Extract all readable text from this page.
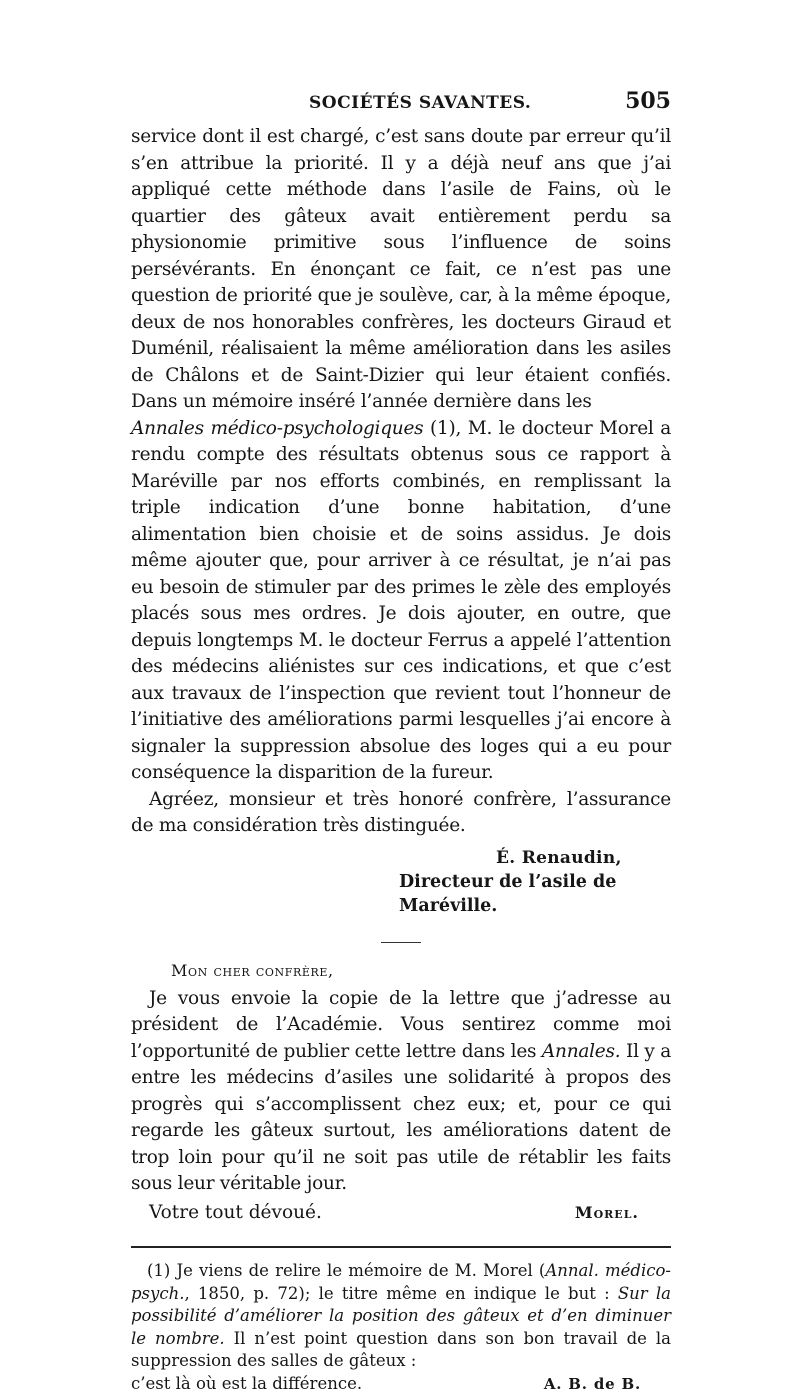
SOCIÉTÉS SAVANTES.	505

service dont il est chargé, c’est sans doute par erreur qu’il s’en attribue la priorité. Il y a déjà neuf ans que j’ai appliqué cette méthode dans l’asile de Fains, où le quartier des gâteux avait entièrement perdu sa physionomie primitive sous l’influence de soins persévérants. En énonçant ce fait, ce n’est pas une question de priorité que je soulève, car, à la même époque, deux de nos honorables confrères, les docteurs Giraud et Duménil, réalisaient la même amélioration dans les asiles de Châlons et de Saint-Dizier qui leur étaient confiés. Dans un mémoire inséré l’année dernière dans les
Annales médico-psychologiques (1), M. le docteur Morel a rendu compte des résultats obtenus sous ce rapport à Maréville par nos efforts combinés, en remplissant la triple indication d’une bonne habitation, d’une alimentation bien choisie et de soins assidus. Je dois même ajouter que, pour arriver à ce résultat, je n’ai pas eu besoin de stimuler par des primes le zèle des employés placés sous mes ordres. Je dois ajouter, en outre, que depuis longtemps M. le docteur Ferrus a appelé l’attention des médecins aliénistes sur ces indications, et que c’est aux travaux de l’inspection que revient tout l’honneur de l’initiative des améliorations parmi lesquelles j’ai encore à signaler la suppression absolue des loges qui a eu pour conséquence la disparition de la fureur.

Agréez, monsieur et très honoré confrère, l’assurance de ma considération très distinguée.

É. Renaudin,
Directeur de l’asile de Maréville.
Mon cher confrère,

Je vous envoie la copie de la lettre que j’adresse au président de l’Académie. Vous sentirez comme moi l’opportunité de publier cette lettre dans les Annales. Il y a entre les médecins d’asiles une solidarité à propos des progrès qui s’accomplissent chez eux; et, pour ce qui regarde les gâteux surtout, les améliorations datent de trop loin pour qu’il ne soit pas utile de rétablir les faits sous leur véritable jour.

Votre tout dévoué.	Morel.

(1) Je viens de relire le mémoire de M. Morel (Annal. médico-psych., 1850, p. 72); le titre même en indique le but : Sur la possibilité d’améliorer la position des gâteux et d’en diminuer le nombre. Il n’est point question dans son bon travail de la suppression des salles de gâteux :

c’est là où est la différence.	A. B. de B.
